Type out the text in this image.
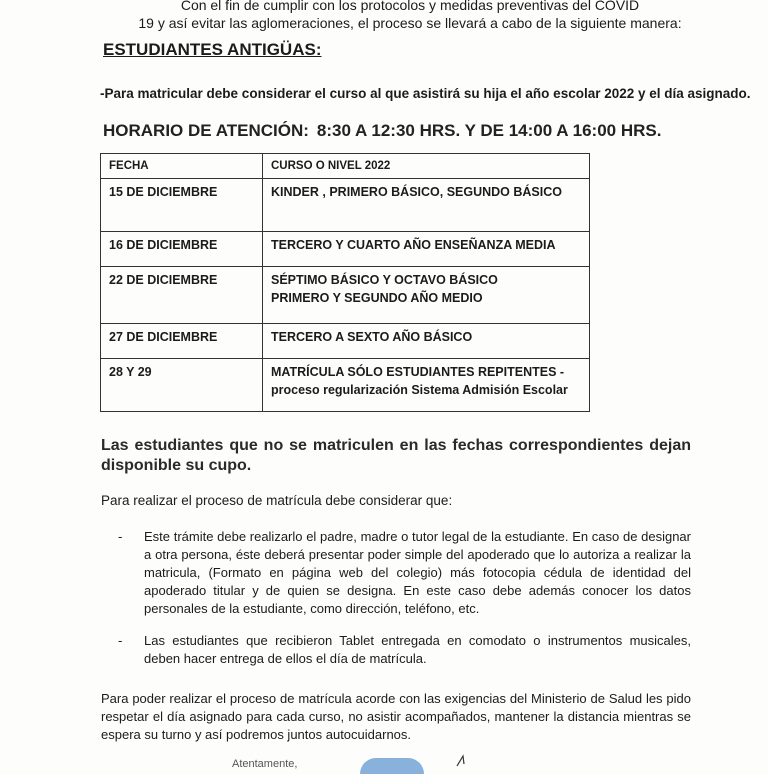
Con el fin de cumplir con los protocolos y medidas preventivas del COVID
19 y así evitar las aglomeraciones, el proceso se llevará a cabo de la siguiente manera:
ESTUDIANTES ANTIGÜAS:
-Para matricular debe considerar el curso al que asistirá su hija el año escolar 2022 y el día asignado.
HORARIO DE ATENCIÓN: 8:30 A 12:30 HRS. Y DE 14:00 A 16:00 HRS.
FECHA	CURSO O NIVEL 2022
15 DE DICIEMBRE	KINDER , PRIMERO BÁSICO, SEGUNDO BÁSICO

16 DE DICIEMBRE	TERCERO Y CUARTO AÑO ENSEÑANZA MEDIA

22 DE DICIEMBRE	SÉPTIMO BÁSICO Y OCTAVO BÁSICO
PRIMERO Y SEGUNDO AÑO MEDIO

27 DE DICIEMBRE	TERCERO A SEXTO AÑO BÁSICO

28 Y 29	MATRÍCULA SÓLO ESTUDIANTES REPITENTES -
proceso regularización Sistema Admisión Escolar
Las estudiantes que no se matriculen en las fechas correspondientes dejan disponible su cupo.
Para realizar el proceso de matrícula debe considerar que:
- Este trámite debe realizarlo el padre, madre o tutor legal de la estudiante. En caso de designar a otra persona, éste deberá presentar poder simple del apoderado que lo autoriza a realizar la matricula, (Formato en página web del colegio) más fotocopia cédula de identidad del apoderado titular y de quien se designa. En este caso debe además conocer los datos personales de la estudiante, como dirección, teléfono, etc.
- Las estudiantes que recibieron Tablet entregada en comodato o instrumentos musicales, deben hacer entrega de ellos el día de matrícula.
Para poder realizar el proceso de matrícula acorde con las exigencias del Ministerio de Salud les pido respetar el día asignado para cada curso, no asistir acompañados, mantener la distancia mientras se espera su turno y así podremos juntos autocuidarnos.
Atentamente,
